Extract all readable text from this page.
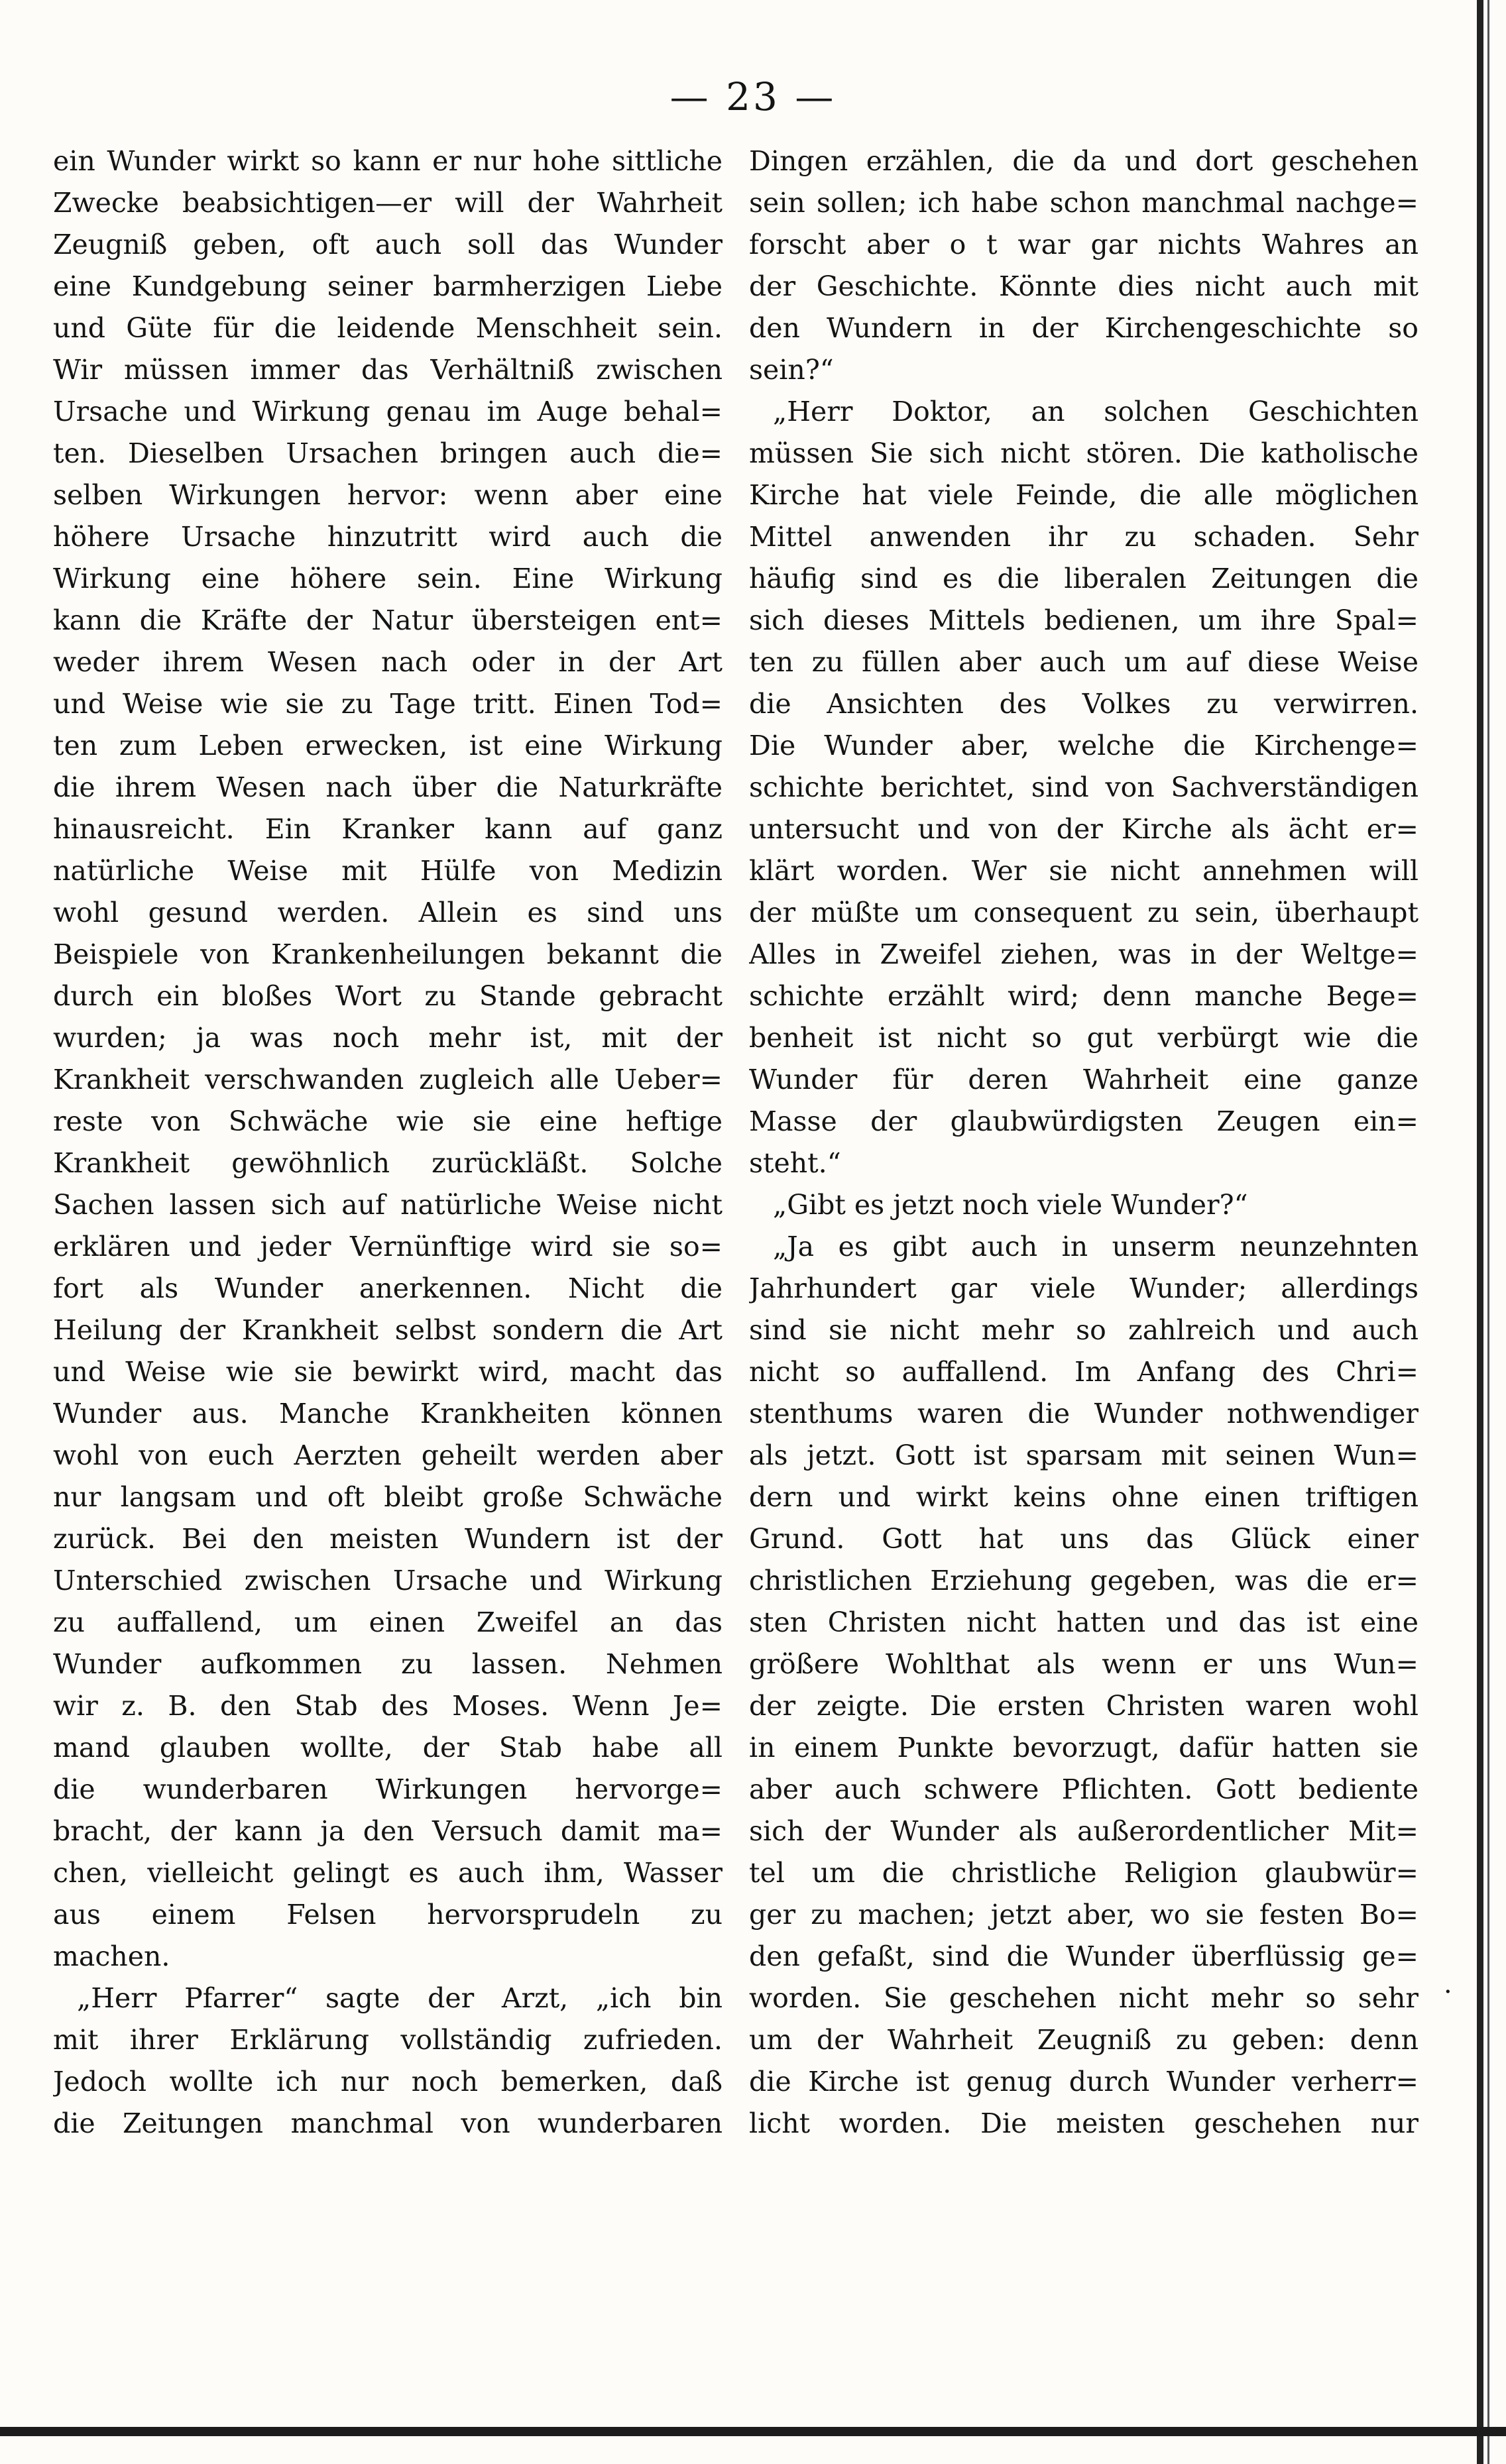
— 23 —
ein Wunder wirkt so kann er nur hohe sittliche
Zwecke beabsichtigen—er will der Wahrheit
Zeugniß geben, oft auch soll das Wunder
eine Kundgebung seiner barmherzigen Liebe
und Güte für die leidende Menschheit sein.
Wir müssen immer das Verhältniß zwischen
Ursache und Wirkung genau im Auge behal=
ten. Dieselben Ursachen bringen auch die=
selben Wirkungen hervor: wenn aber eine
höhere Ursache hinzutritt wird auch die
Wirkung eine höhere sein. Eine Wirkung
kann die Kräfte der Natur übersteigen ent=
weder ihrem Wesen nach oder in der Art
und Weise wie sie zu Tage tritt. Einen Tod=
ten zum Leben erwecken, ist eine Wirkung
die ihrem Wesen nach über die Naturkräfte
hinausreicht. Ein Kranker kann auf ganz
natürliche Weise mit Hülfe von Medizin
wohl gesund werden. Allein es sind uns
Beispiele von Krankenheilungen bekannt die
durch ein bloßes Wort zu Stande gebracht
wurden; ja was noch mehr ist, mit der
Krankheit verschwanden zugleich alle Ueber=
reste von Schwäche wie sie eine heftige
Krankheit gewöhnlich zurückläßt. Solche
Sachen lassen sich auf natürliche Weise nicht
erklären und jeder Vernünftige wird sie so=
fort als Wunder anerkennen. Nicht die
Heilung der Krankheit selbst sondern die Art
und Weise wie sie bewirkt wird, macht das
Wunder aus. Manche Krankheiten können
wohl von euch Aerzten geheilt werden aber
nur langsam und oft bleibt große Schwäche
zurück. Bei den meisten Wundern ist der
Unterschied zwischen Ursache und Wirkung
zu auffallend, um einen Zweifel an das
Wunder aufkommen zu lassen. Nehmen
wir z. B. den Stab des Moses. Wenn Je=
mand glauben wollte, der Stab habe all
die wunderbaren Wirkungen hervorge=
bracht, der kann ja den Versuch damit ma=
chen, vielleicht gelingt es auch ihm, Wasser
aus einem Felsen hervorsprudeln zu
machen.
„Herr Pfarrer“ sagte der Arzt, „ich bin
mit ihrer Erklärung vollständig zufrieden.
Jedoch wollte ich nur noch bemerken, daß
die Zeitungen manchmal von wunderbaren
Dingen erzählen, die da und dort geschehen
sein sollen; ich habe schon manchmal nachge=
forscht aber o t war gar nichts Wahres an
der Geschichte. Könnte dies nicht auch mit
den Wundern in der Kirchengeschichte so
sein?“
„Herr Doktor, an solchen Geschichten
müssen Sie sich nicht stören. Die katholische
Kirche hat viele Feinde, die alle möglichen
Mittel anwenden ihr zu schaden. Sehr
häufig sind es die liberalen Zeitungen die
sich dieses Mittels bedienen, um ihre Spal=
ten zu füllen aber auch um auf diese Weise
die Ansichten des Volkes zu verwirren.
Die Wunder aber, welche die Kirchenge=
schichte berichtet, sind von Sachverständigen
untersucht und von der Kirche als ächt er=
klärt worden. Wer sie nicht annehmen will
der müßte um consequent zu sein, überhaupt
Alles in Zweifel ziehen, was in der Weltge=
schichte erzählt wird; denn manche Bege=
benheit ist nicht so gut verbürgt wie die
Wunder für deren Wahrheit eine ganze
Masse der glaubwürdigsten Zeugen ein=
steht.“
„Gibt es jetzt noch viele Wunder?“
„Ja es gibt auch in unserm neunzehnten
Jahrhundert gar viele Wunder; allerdings
sind sie nicht mehr so zahlreich und auch
nicht so auffallend. Im Anfang des Chri=
stenthums waren die Wunder nothwendiger
als jetzt. Gott ist sparsam mit seinen Wun=
dern und wirkt keins ohne einen triftigen
Grund. Gott hat uns das Glück einer
christlichen Erziehung gegeben, was die er=
sten Christen nicht hatten und das ist eine
größere Wohlthat als wenn er uns Wun=
der zeigte. Die ersten Christen waren wohl
in einem Punkte bevorzugt, dafür hatten sie
aber auch schwere Pflichten. Gott bediente
sich der Wunder als außerordentlicher Mit=
tel um die christliche Religion glaubwür=
ger zu machen; jetzt aber, wo sie festen Bo=
den gefaßt, sind die Wunder überflüssig ge=
worden. Sie geschehen nicht mehr so sehr
um der Wahrheit Zeugniß zu geben: denn
die Kirche ist genug durch Wunder verherr=
licht worden. Die meisten geschehen nur
·
